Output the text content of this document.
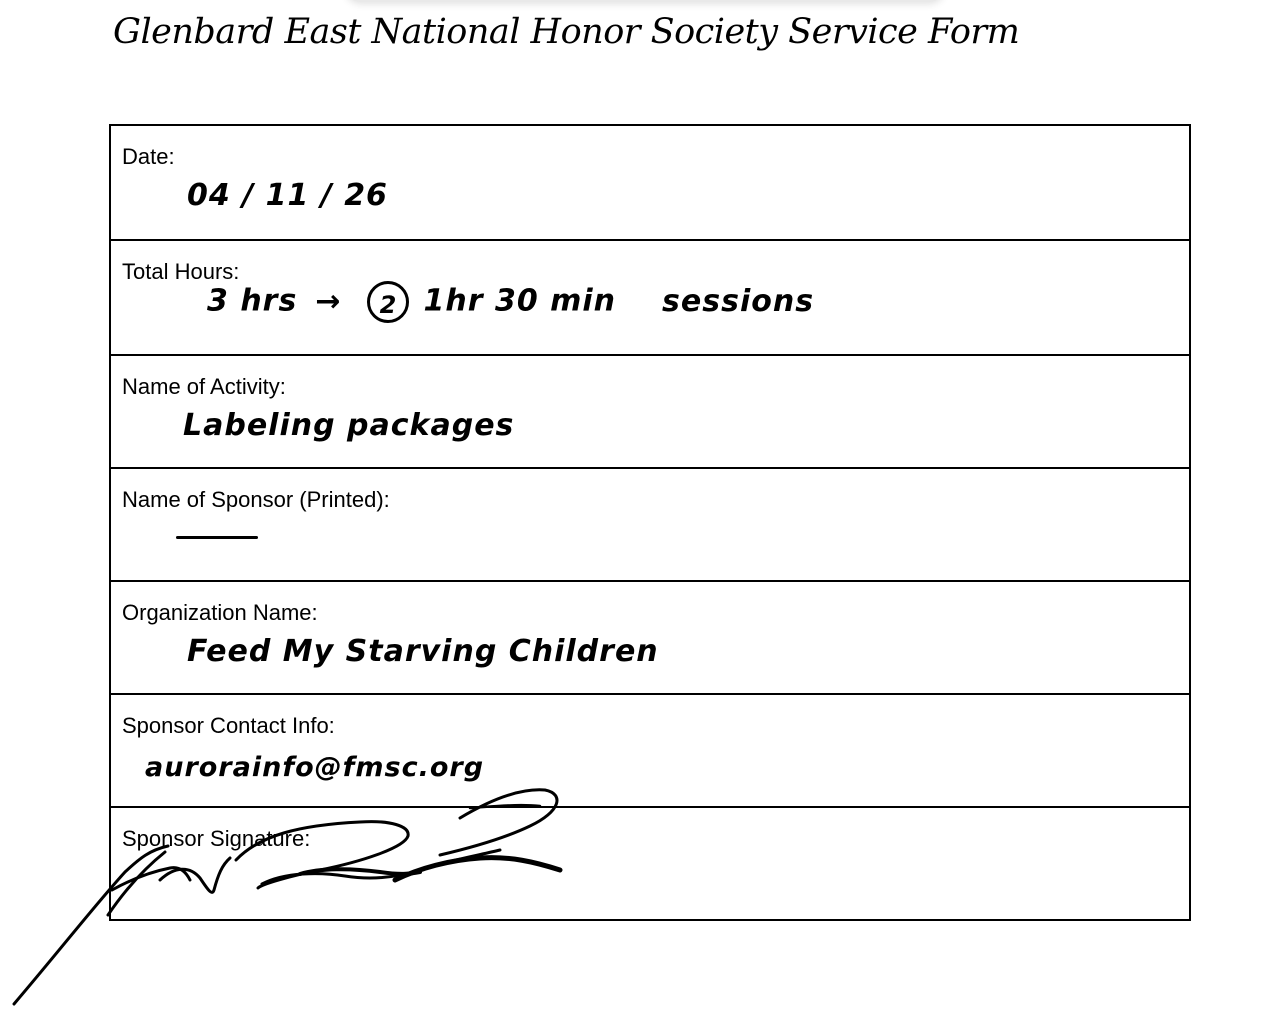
Glenbard East National Honor Society Service Form
Date:
04 / 11 / 26
Total Hours:
3 hrs → 2 1hr 30 min sessions
Name of Activity:
Labeling packages
Name of Sponsor (Printed):
Organization Name:
Feed My Starving Children
Sponsor Contact Info:
aurorainfo@fmsc.org
Sponsor Signature:
